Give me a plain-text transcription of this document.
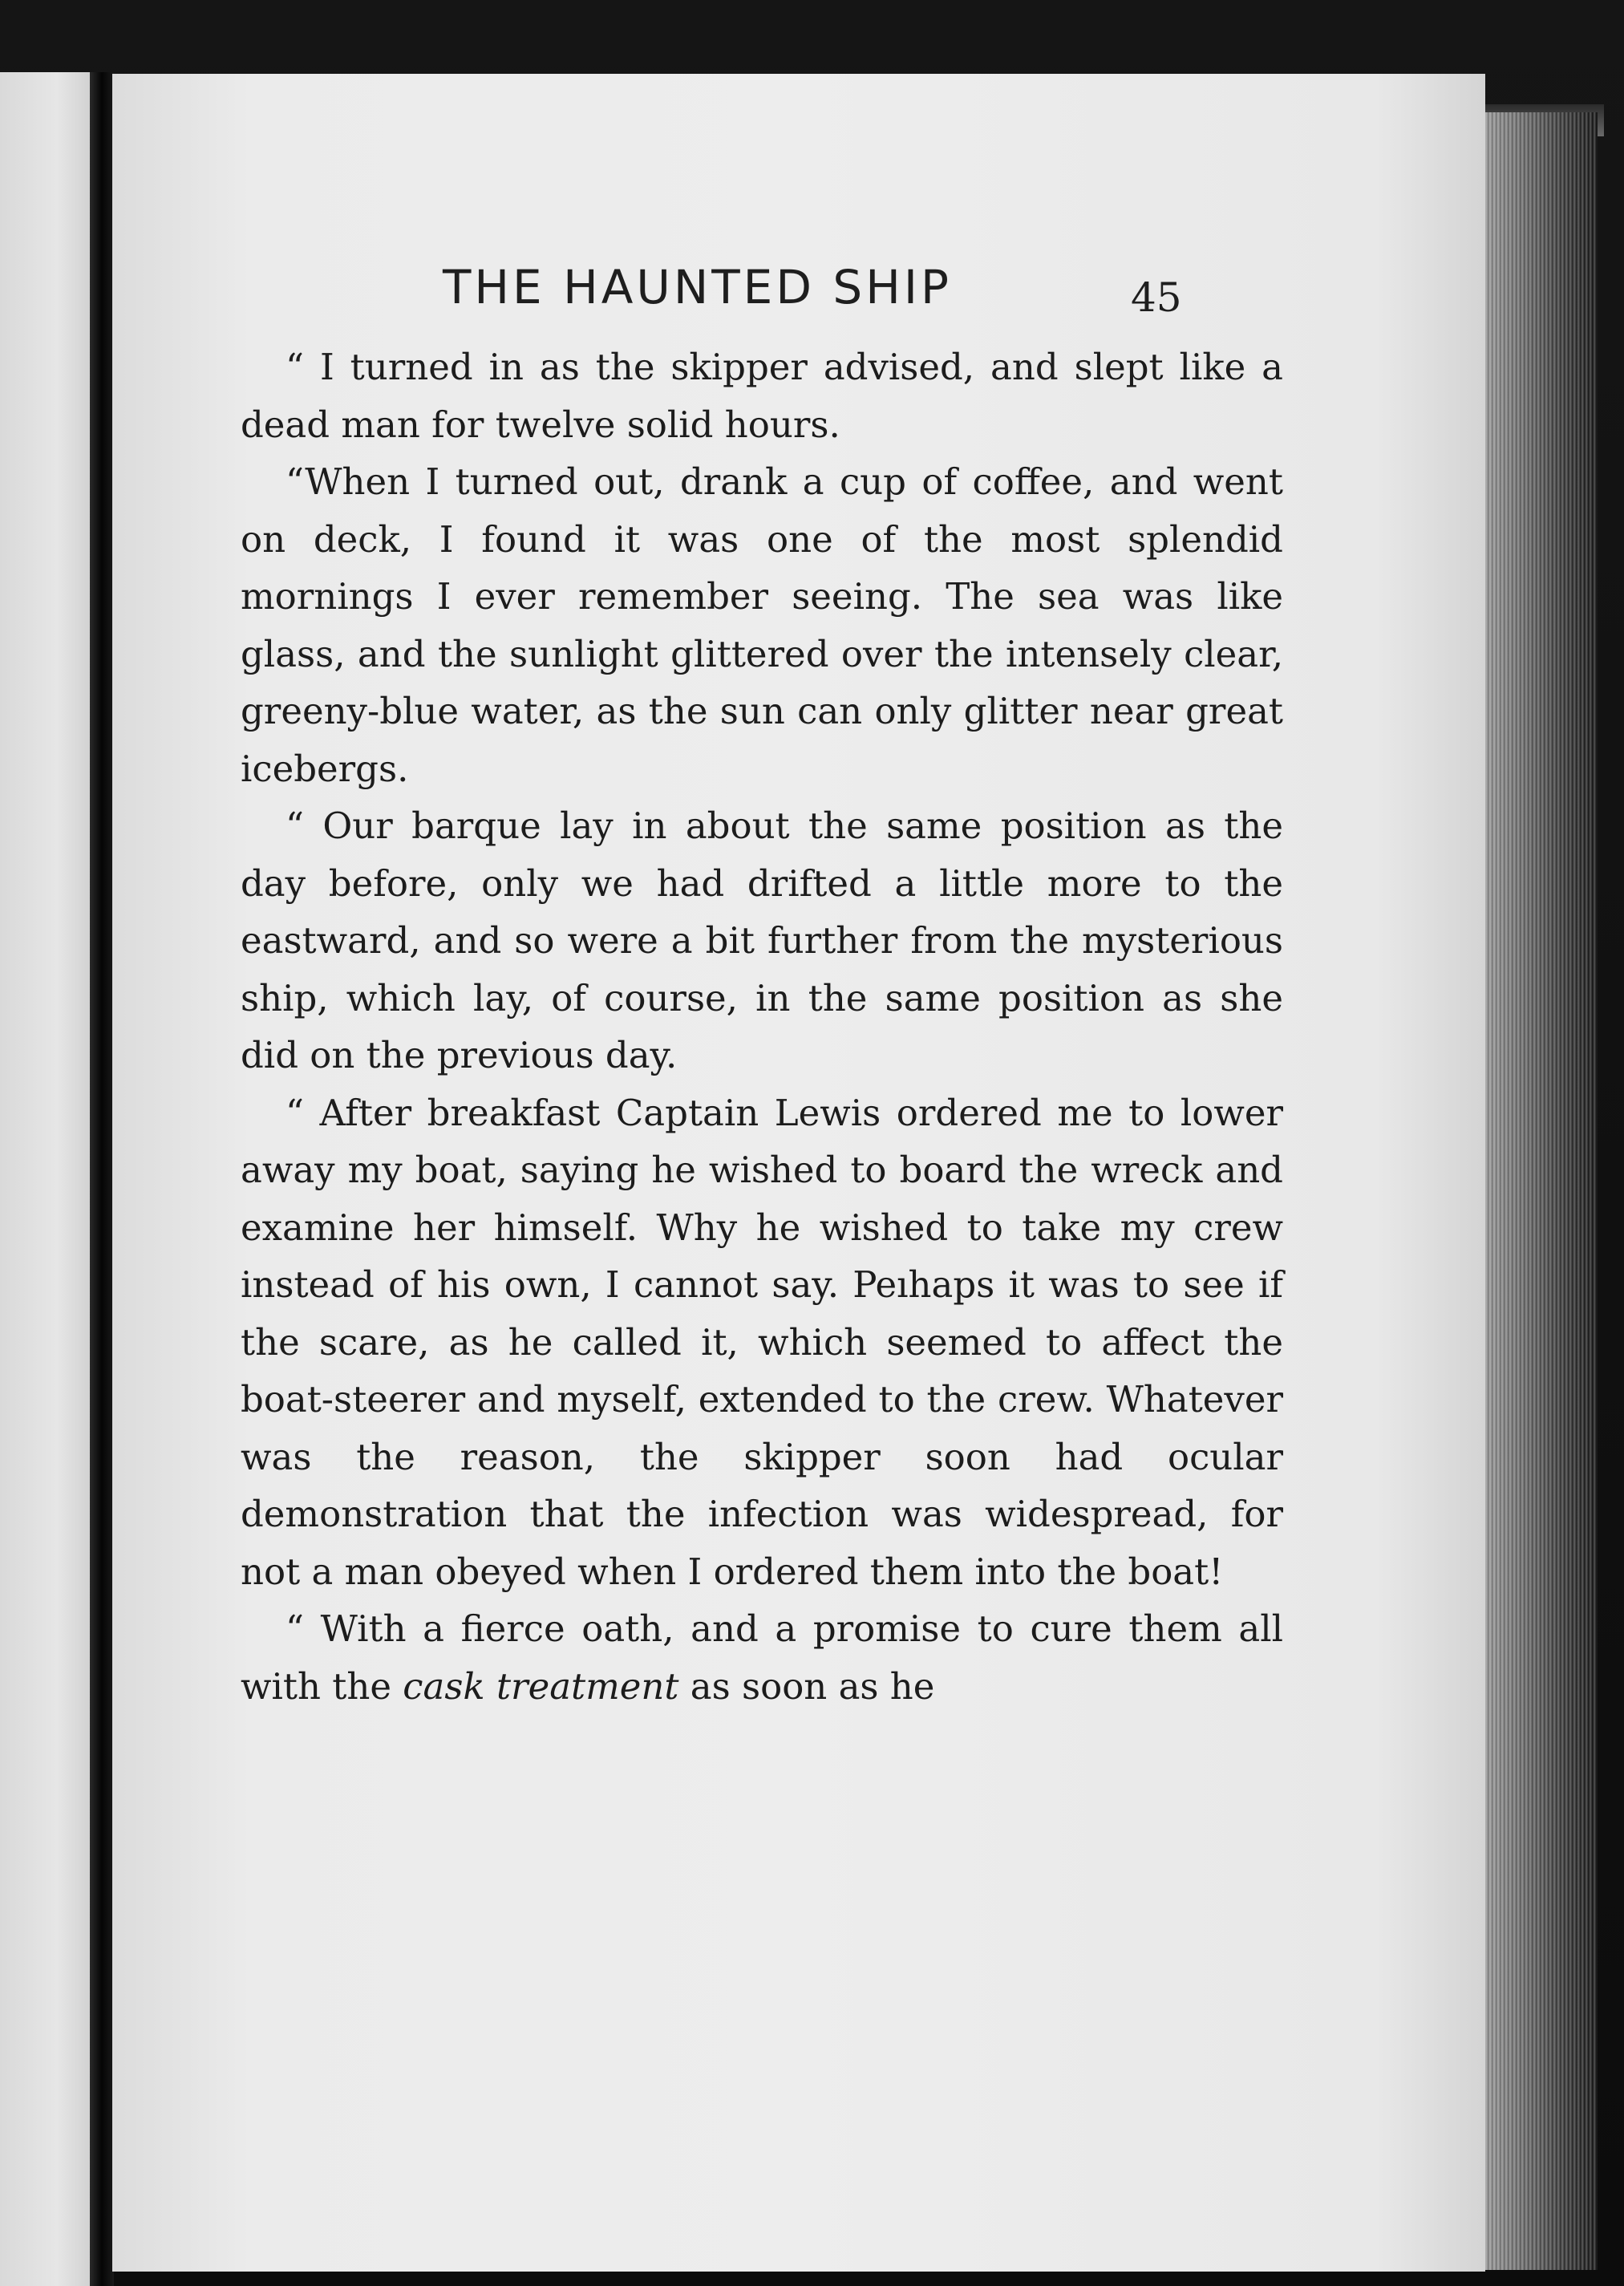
THE HAUNTED SHIP	45

“ I turned in as the skipper advised, and slept like a dead man for twelve solid hours.

“When I turned out, drank a cup of coffee, and went on deck, I found it was one of the most splendid mornings I ever remember seeing. The sea was like glass, and the sunlight glittered over the intensely clear, greeny-blue water, as the sun can only glitter near great icebergs.

“ Our barque lay in about the same position as the day before, only we had drifted a little more to the eastward, and so were a bit further from the mysterious ship, which lay, of course, in the same position as she did on the previous day.

“ After breakfast Captain Lewis ordered me to lower away my boat, saying he wished to board the wreck and examine her himself. Why he wished to take my crew instead of his own, I cannot say. Peıhaps it was to see if the scare, as he called it, which seemed to affect the boat-steerer and myself, extended to the crew. Whatever was the reason, the skipper soon had ocular demonstration that the infection was widespread, for not a man obeyed when I ordered them into the boat!

“ With a fierce oath, and a promise to cure them all with the cask treatment as soon as he
